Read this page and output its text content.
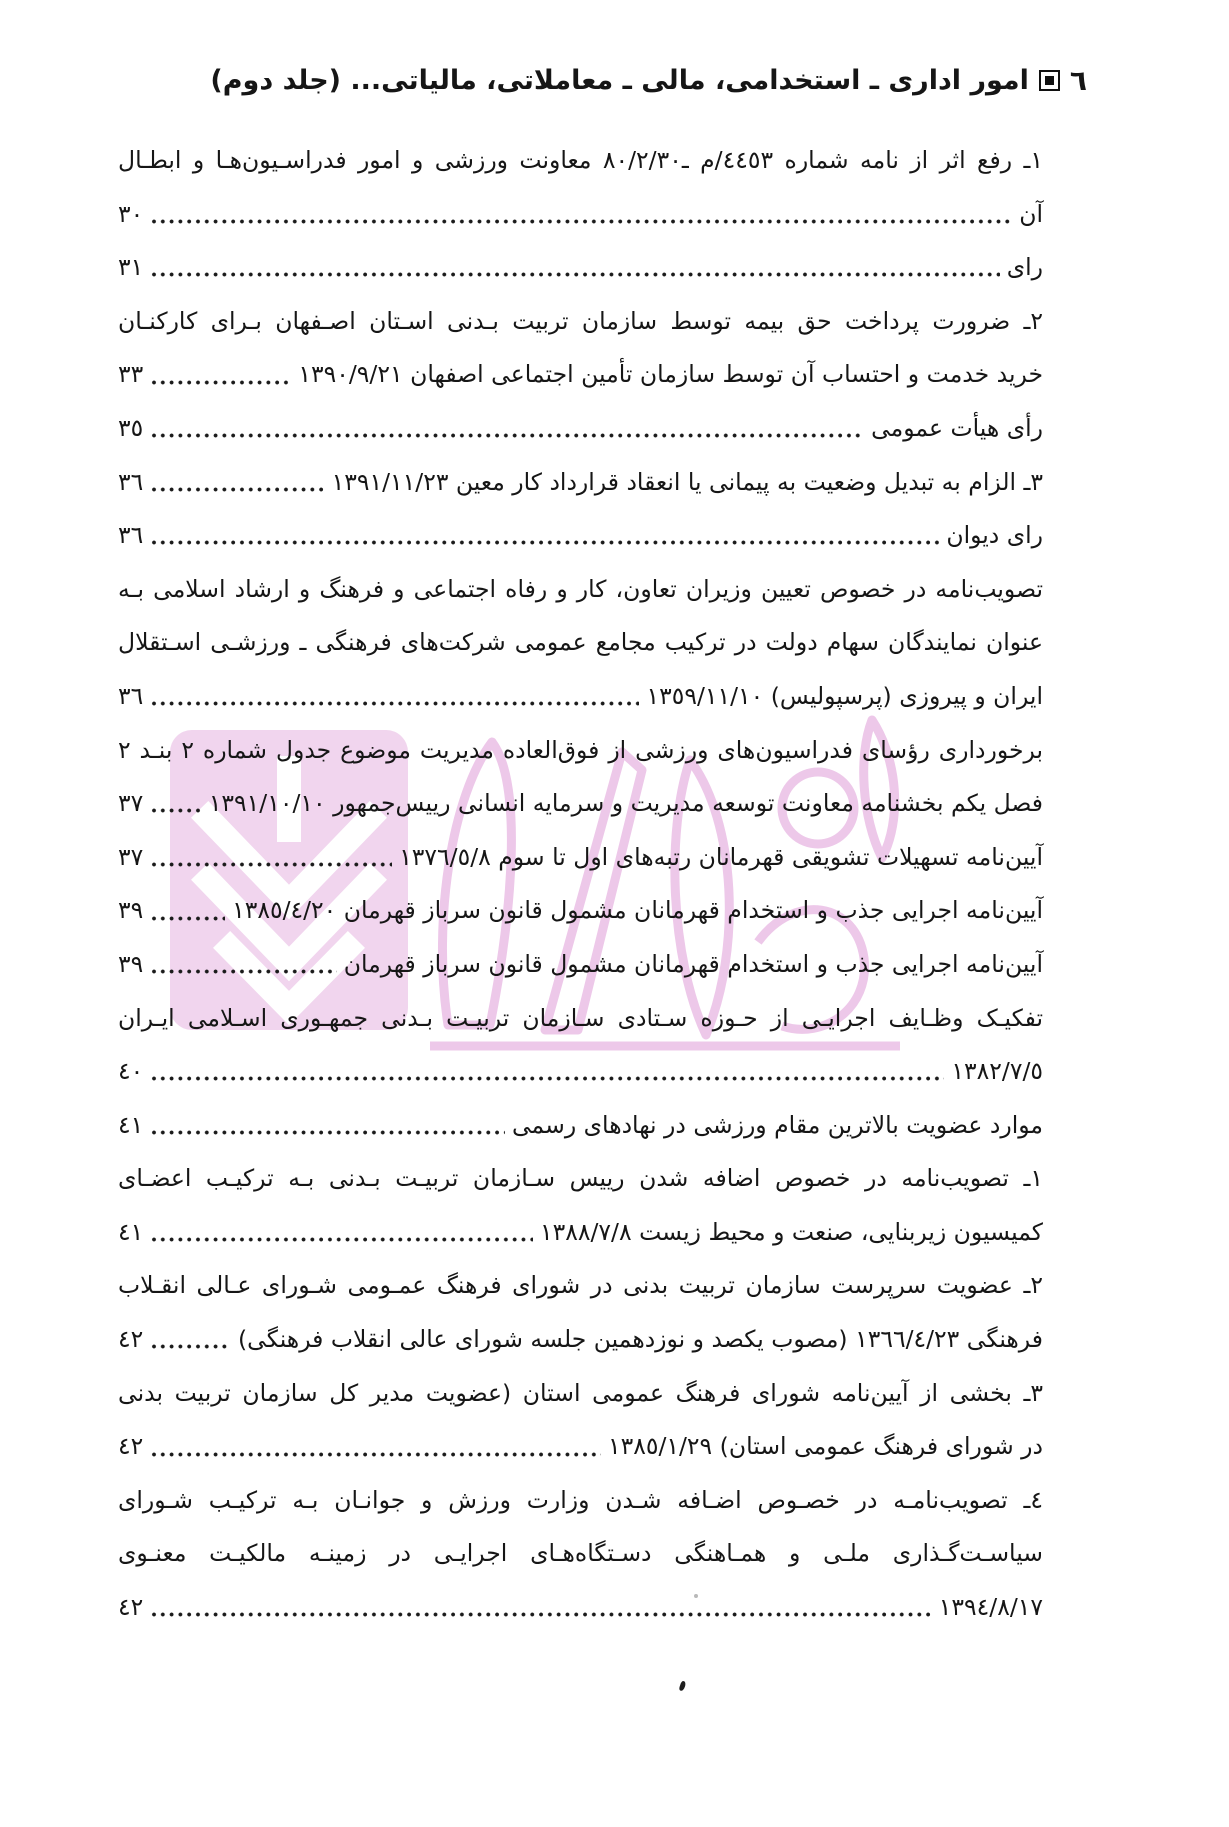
٦
امور اداری ـ استخدامی، مالی ـ معاملاتی، مالیاتی... (جلد دوم)
١ـ رفع اثر از نامه شماره ٤٤٥٣/م ـ٨٠/٢/٣٠ معاونت ورزشی و امور فدراسـیون‌هـا و ابطـال
آن
٣٠
رای
٣١
٢ـ ضرورت پرداخت حق بیمه توسط سازمان تربیت بـدنی اسـتان اصـفهان بـرای کارکنـان
خرید خدمت و احتساب آن توسط سازمان تأمین اجتماعی اصفهان ١٣٩٠/٩/٢١
٣٣
رأی هیأت عمومی
٣٥
٣ـ الزام به تبدیل وضعیت به پیمانی یا انعقاد قرارداد کار معین ١٣٩١/١١/٢٣
٣٦
رای دیوان
٣٦
تصویب‌نامه در خصوص تعیین وزیران تعاون، کار و رفاه اجتماعی و فرهنگ و ارشاد اسلامی بـه
عنوان نمایندگان سهام دولت در ترکیب مجامع عمومی شرکت‌های فرهنگی ـ ورزشـی اسـتقلال
ایران و پیروزی (پرسپولیس) ١٣٥٩/١١/١٠
٣٦
برخورداری رؤسای فدراسیون‌های ورزشی از فوق‌العاده مدیریت موضوع جدول شماره ٢ بنـد ٢
فصل یکم بخشنامه معاونت توسعه مدیریت و سرمایه انسانی رییس‌جمهور ١٣٩١/١٠/١٠
٣٧
آیین‌نامه تسهیلات تشویقی قهرمانان رتبه‌های اول تا سوم ١٣٧٦/٥/٨
٣٧
آیین‌نامه اجرایی جذب و استخدام قهرمانان مشمول قانون سرباز قهرمان ١٣٨٥/٤/٢٠
٣٩
آیین‌نامه اجرایی جذب و استخدام قهرمانان مشمول قانون سرباز قهرمان
٣٩
تفکیـک وظـایف اجرایـی از حـوزه سـتادی سـازمان تربیـت بـدنی جمهـوری اسـلامی ایـران
١٣٨٢/٧/٥
٤٠
موارد عضویت بالاترین مقام ورزشی در نهادهای رسمی
٤١
١ـ تصویب‌نامه در خصوص اضافه شدن رییس سـازمان تربیـت بـدنی بـه ترکیـب اعضـای
کمیسیون زیربنایی، صنعت و محیط زیست ١٣٨٨/٧/٨
٤١
٢ـ عضویت سرپرست سازمان تربیت بدنی در شورای فرهنگ عمـومی شـورای عـالی انقـلاب
فرهنگی ١٣٦٦/٤/٢٣ (مصوب یکصد و نوزدهمین جلسه شورای عالی انقلاب فرهنگی)
٤٢
٣ـ بخشی از آیین‌نامه شورای فرهنگ عمومی استان (عضویت مدیر کل سازمان تربیت بدنی
در شورای فرهنگ عمومی استان) ١٣٨٥/١/٢٩
٤٢
٤ـ تصویب‌نامـه در خصـوص اضـافه شـدن وزارت ورزش و جوانـان بـه ترکیـب شـورای
سیاسـت‌گـذاری ملـی و همـاهنگی دسـتگاه‌هـای اجرایـی در زمینـه مالکیـت معنـوی
١٣٩٤/٨/١٧
٤٢
